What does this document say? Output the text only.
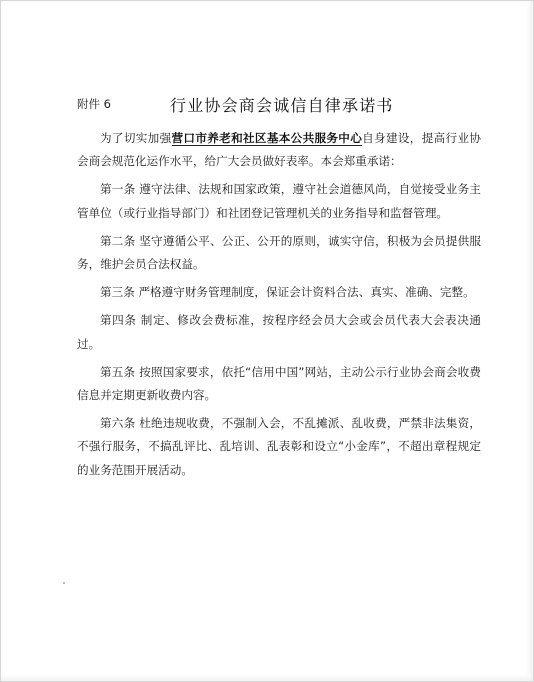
附件 6	行业协会商会诚信自律承诺书

为了切实加强营口市养老和社区基本公共服务中心自身建设，提高行业协会商会规范化运作水平，给广大会员做好表率。本会郑重承诺：

第一条 遵守法律、法规和国家政策，遵守社会道德风尚，自觉接受业务主管单位（或行业指导部门）和社团登记管理机关的业务指导和监督管理。

第二条 坚守遵循公平、公正、公开的原则，诚实守信，积极为会员提供服务，维护会员合法权益。

第三条 严格遵守财务管理制度，保证会计资料合法、真实、准确、完整。

第四条 制定、修改会费标准，按程序经会员大会或会员代表大会表决通过。

第五条 按照国家要求，依托“信用中国”网站，主动公示行业协会商会收费信息并定期更新收费内容。

第六条 杜绝违规收费，不强制入会，不乱摊派、乱收费，严禁非法集资，不强行服务，不搞乱评比、乱培训、乱表彰和设立“小金库”，不超出章程规定的业务范围开展活动。
